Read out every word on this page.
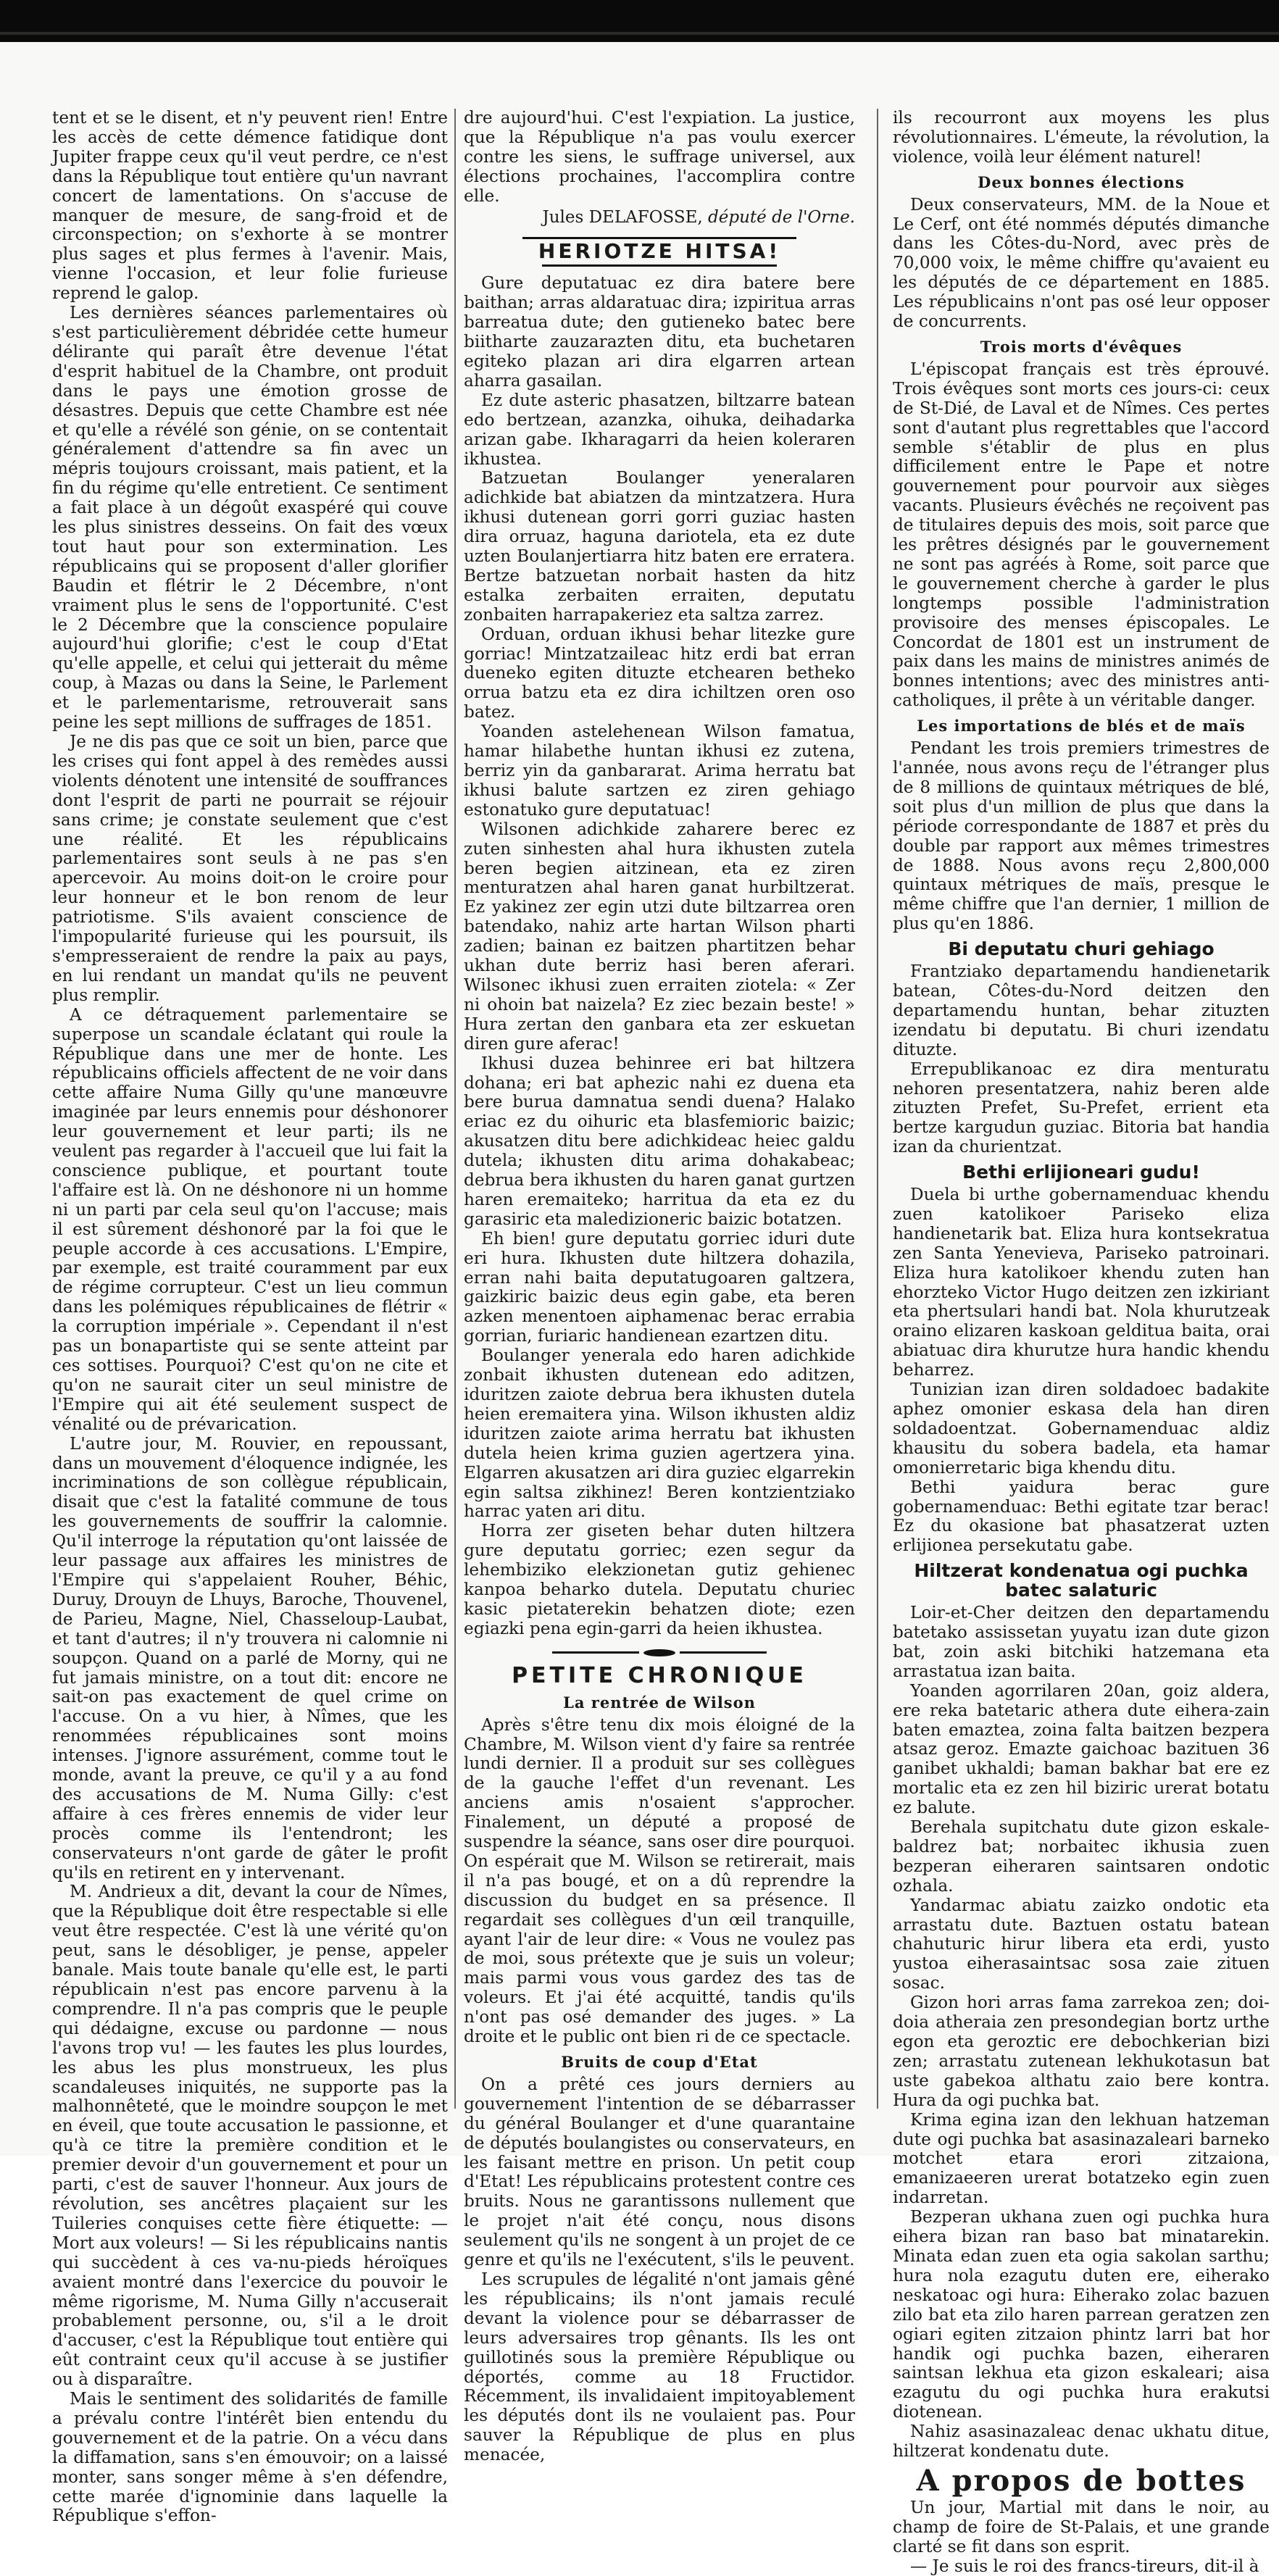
tent et se le disent, et n'y peuvent rien! Entre les accès de cette démence fatidique dont Jupiter frappe ceux qu'il veut perdre, ce n'est dans la République tout entière qu'un navrant concert de lamentations. On s'accuse de manquer de mesure, de sang-froid et de circonspection; on s'exhorte à se montrer plus sages et plus fermes à l'avenir. Mais, vienne l'occasion, et leur folie furieuse reprend le galop.

Les dernières séances parlementaires où s'est particulièrement débridée cette humeur délirante qui paraît être devenue l'état d'esprit habituel de la Chambre, ont produit dans le pays une émotion grosse de désastres. Depuis que cette Chambre est née et qu'elle a révélé son génie, on se contentait généralement d'attendre sa fin avec un mépris toujours croissant, mais patient, et la fin du régime qu'elle entretient. Ce sentiment a fait place à un dégoût exaspéré qui couve les plus sinistres desseins. On fait des vœux tout haut pour son extermination. Les républicains qui se proposent d'aller glorifier Baudin et flétrir le 2 Décembre, n'ont vraiment plus le sens de l'opportunité. C'est le 2 Décembre que la conscience populaire aujourd'hui glorifie; c'est le coup d'Etat qu'elle appelle, et celui qui jetterait du même coup, à Mazas ou dans la Seine, le Parlement et le parlementarisme, retrouverait sans peine les sept millions de suffrages de 1851.

Je ne dis pas que ce soit un bien, parce que les crises qui font appel à des remèdes aussi violents dénotent une intensité de souffrances dont l'esprit de parti ne pourrait se réjouir sans crime; je constate seulement que c'est une réalité. Et les républicains parlementaires sont seuls à ne pas s'en apercevoir. Au moins doit-on le croire pour leur honneur et le bon renom de leur patriotisme. S'ils avaient conscience de l'impopularité furieuse qui les poursuit, ils s'empresseraient de rendre la paix au pays, en lui rendant un mandat qu'ils ne peuvent plus remplir.

A ce détraquement parlementaire se superpose un scandale éclatant qui roule la République dans une mer de honte. Les républicains officiels affectent de ne voir dans cette affaire Numa Gilly qu'une manœuvre imaginée par leurs ennemis pour déshonorer leur gouvernement et leur parti; ils ne veulent pas regarder à l'accueil que lui fait la conscience publique, et pourtant toute l'affaire est là. On ne déshonore ni un homme ni un parti par cela seul qu'on l'accuse; mais il est sûrement déshonoré par la foi que le peuple accorde à ces accusations. L'Empire, par exemple, est traité couramment par eux de régime corrupteur. C'est un lieu commun dans les polémiques républicaines de flétrir « la corruption impériale ». Cependant il n'est pas un bonapartiste qui se sente atteint par ces sottises. Pourquoi? C'est qu'on ne cite et qu'on ne saurait citer un seul ministre de l'Empire qui ait été seulement suspect de vénalité ou de prévarication.

L'autre jour, M. Rouvier, en repoussant, dans un mouvement d'éloquence indignée, les incriminations de son collègue républicain, disait que c'est la fatalité commune de tous les gouvernements de souffrir la calomnie. Qu'il interroge la réputation qu'ont laissée de leur passage aux affaires les ministres de l'Empire qui s'appelaient Rouher, Béhic, Duruy, Drouyn de Lhuys, Baroche, Thouvenel, de Parieu, Magne, Niel, Chasseloup-Laubat, et tant d'autres; il n'y trouvera ni calomnie ni soupçon. Quand on a parlé de Morny, qui ne fut jamais ministre, on a tout dit: encore ne sait-on pas exactement de quel crime on l'accuse. On a vu hier, à Nîmes, que les renommées républicaines sont moins intenses. J'ignore assurément, comme tout le monde, avant la preuve, ce qu'il y a au fond des accusations de M. Numa Gilly: c'est affaire à ces frères ennemis de vider leur procès comme ils l'entendront; les conservateurs n'ont garde de gâter le profit qu'ils en retirent en y intervenant.

M. Andrieux a dit, devant la cour de Nîmes, que la République doit être respectable si elle veut être respectée. C'est là une vérité qu'on peut, sans le désobliger, je pense, appeler banale. Mais toute banale qu'elle est, le parti républicain n'est pas encore parvenu à la comprendre. Il n'a pas compris que le peuple qui dédaigne, excuse ou pardonne — nous l'avons trop vu! — les fautes les plus lourdes, les abus les plus monstrueux, les plus scandaleuses iniquités, ne supporte pas la malhonnêteté, que le moindre soupçon le met en éveil, que toute accusation le passionne, et qu'à ce titre la première condition et le premier devoir d'un gouvernement et pour un parti, c'est de sauver l'honneur. Aux jours de révolution, ses ancêtres plaçaient sur les Tuileries conquises cette fière étiquette: — Mort aux voleurs! — Si les républicains nantis qui succèdent à ces va-nu-pieds héroïques avaient montré dans l'exercice du pouvoir le même rigorisme, M. Numa Gilly n'accuserait probablement personne, ou, s'il a le droit d'accuser, c'est la République tout entière qui eût contraint ceux qu'il accuse à se justifier ou à disparaître.

Mais le sentiment des solidarités de famille a prévalu contre l'intérêt bien entendu du gouvernement et de la patrie. On a vécu dans la diffamation, sans s'en émouvoir; on a laissé monter, sans songer même à s'en défendre, cette marée d'ignominie dans laquelle la République s'effon-

dre aujourd'hui. C'est l'expiation. La justice, que la République n'a pas voulu exercer contre les siens, le suffrage universel, aux élections prochaines, l'accomplira contre elle.

Jules DELAFOSSE, député de l'Orne.
HERIOTZE HITSA!

Gure deputatuac ez dira batere bere baithan; arras aldaratuac dira; izpiritua arras barreatua dute; den gutieneko batec bere biitharte zauzarazten ditu, eta buchetaren egiteko plazan ari dira elgarren artean aharra gasailan.

Ez dute asteric phasatzen, biltzarre batean edo bertzean, azanzka, oihuka, deihadarka arizan gabe. Ikharagarri da heien koleraren ikhustea.

Batzuetan Boulanger yeneralaren adichkide bat abiatzen da mintzatzera. Hura ikhusi dutenean gorri gorri guziac hasten dira orruaz, haguna dariotela, eta ez dute uzten Boulanjertiarra hitz baten ere erratera. Bertze batzuetan norbait hasten da hitz estalka zerbaiten erraiten, deputatu zonbaiten harrapakeriez eta saltza zarrez.

Orduan, orduan ikhusi behar litezke gure gorriac! Mintzatzaileac hitz erdi bat erran dueneko egiten dituzte etchearen betheko orrua batzu eta ez dira ichiltzen oren oso batez.

Yoanden astelehenean Wilson famatua, hamar hilabethe huntan ikhusi ez zutena, berriz yin da ganbararat. Arima herratu bat ikhusi balute sartzen ez ziren gehiago estonatuko gure deputatuac!

Wilsonen adichkide zaharere berec ez zuten sinhesten ahal hura ikhusten zutela beren begien aitzinean, eta ez ziren menturatzen ahal haren ganat hurbiltzerat. Ez yakinez zer egin utzi dute biltzarrea oren batendako, nahiz arte hartan Wilson pharti zadien; bainan ez baitzen phartitzen behar ukhan dute berriz hasi beren aferari. Wilsonec ikhusi zuen erraiten ziotela: « Zer ni ohoin bat naizela? Ez ziec bezain beste! » Hura zertan den ganbara eta zer eskuetan diren gure aferac!

Ikhusi duzea behinree eri bat hiltzera dohana; eri bat aphezic nahi ez duena eta bere burua damnatua sendi duena? Halako eriac ez du oihuric eta blasfemioric baizic; akusatzen ditu bere adichkideac heiec galdu dutela; ikhusten ditu arima dohakabeac; debrua bera ikhusten du haren ganat gurtzen haren eremaiteko; harritua da eta ez du garasiric eta maledizioneric baizic botatzen.

Eh bien! gure deputatu gorriec iduri dute eri hura. Ikhusten dute hiltzera dohazila, erran nahi baita deputatugoaren galtzera, gaizkiric baizic deus egin gabe, eta beren azken menentoen aiphamenac berac errabia gorrian, furiaric handienean ezartzen ditu.

Boulanger yenerala edo haren adichkide zonbait ikhusten dutenean edo aditzen, iduritzen zaiote debrua bera ikhusten dutela heien eremaitera yina. Wilson ikhusten aldiz iduritzen zaiote arima herratu bat ikhusten dutela heien krima guzien agertzera yina. Elgarren akusatzen ari dira guziec elgarrekin egin saltsa zikhinez! Beren kontzientziako harrac yaten ari ditu.

Horra zer giseten behar duten hiltzera gure deputatu gorriec; ezen segur da lehembiziko elekzionetan gutiz gehienec kanpoa beharko dutela. Deputatu churiec kasic pietaterekin behatzen diote; ezen egiazki pena egin-garri da heien ikhustea.

PETITE CHRONIQUE
La rentrée de Wilson

Après s'être tenu dix mois éloigné de la Chambre, M. Wilson vient d'y faire sa rentrée lundi dernier. Il a produit sur ses collègues de la gauche l'effet d'un revenant. Les anciens amis n'osaient s'approcher. Finalement, un député a proposé de suspendre la séance, sans oser dire pourquoi. On espérait que M. Wilson se retirerait, mais il n'a pas bougé, et on a dû reprendre la discussion du budget en sa présence. Il regardait ses collègues d'un œil tranquille, ayant l'air de leur dire: « Vous ne voulez pas de moi, sous prétexte que je suis un voleur; mais parmi vous vous gardez des tas de voleurs. Et j'ai été acquitté, tandis qu'ils n'ont pas osé demander des juges. » La droite et le public ont bien ri de ce spectacle.

Bruits de coup d'Etat

On a prêté ces jours derniers au gouvernement l'intention de se débarrasser du général Boulanger et d'une quarantaine de députés boulangistes ou conservateurs, en les faisant mettre en prison. Un petit coup d'Etat! Les républicains protestent contre ces bruits. Nous ne garantissons nullement que le projet n'ait été conçu, nous disons seulement qu'ils ne songent à un projet de ce genre et qu'ils ne l'exécutent, s'ils le peuvent.

Les scrupules de légalité n'ont jamais gêné les républicains; ils n'ont jamais reculé devant la violence pour se débarrasser de leurs adversaires trop gênants. Ils les ont guillotinés sous la première République ou déportés, comme au 18 Fructidor. Récemment, ils invalidaient impitoyablement les députés dont ils ne voulaient pas. Pour sauver la République de plus en plus menacée,

ils recourront aux moyens les plus révolutionnaires. L'émeute, la révolution, la violence, voilà leur élément naturel!

Deux bonnes élections

Deux conservateurs, MM. de la Noue et Le Cerf, ont été nommés députés dimanche dans les Côtes-du-Nord, avec près de 70,000 voix, le même chiffre qu'avaient eu les députés de ce département en 1885. Les républicains n'ont pas osé leur opposer de concurrents.

Trois morts d'évêques

L'épiscopat français est très éprouvé. Trois évêques sont morts ces jours-ci: ceux de St-Dié, de Laval et de Nîmes. Ces pertes sont d'autant plus regrettables que l'accord semble s'établir de plus en plus difficilement entre le Pape et notre gouvernement pour pourvoir aux sièges vacants. Plusieurs évêchés ne reçoivent pas de titulaires depuis des mois, soit parce que les prêtres désignés par le gouvernement ne sont pas agréés à Rome, soit parce que le gouvernement cherche à garder le plus longtemps possible l'administration provisoire des menses épiscopales. Le Concordat de 1801 est un instrument de paix dans les mains de ministres animés de bonnes intentions; avec des ministres anti-catholiques, il prête à un véritable danger.

Les importations de blés et de maïs

Pendant les trois premiers trimestres de l'année, nous avons reçu de l'étranger plus de 8 millions de quintaux métriques de blé, soit plus d'un million de plus que dans la période correspondante de 1887 et près du double par rapport aux mêmes trimestres de 1888. Nous avons reçu 2,800,000 quintaux métriques de maïs, presque le même chiffre que l'an dernier, 1 million de plus qu'en 1886.

Bi deputatu churi gehiago

Frantziako departamendu handienetarik batean, Côtes-du-Nord deitzen den departamendu huntan, behar zituzten izendatu bi deputatu. Bi churi izendatu dituzte.

Errepublikanoac ez dira menturatu nehoren presentatzera, nahiz beren alde zituzten Prefet, Su-Prefet, errient eta bertze kargudun guziac. Bitoria bat handia izan da churientzat.

Bethi erlijioneari gudu!

Duela bi urthe gobernamenduac khendu zuen katolikoer Pariseko eliza handienetarik bat. Eliza hura kontsekratua zen Santa Yenevieva, Pariseko patroinari. Eliza hura katolikoer khendu zuten han ehorzteko Victor Hugo deitzen zen izkiriant eta phertsulari handi bat. Nola khurutzeak oraino elizaren kaskoan gelditua baita, orai abiatuac dira khurutze hura handic khendu beharrez.

Tunizian izan diren soldadoec badakite aphez omonier eskasa dela han diren soldadoentzat. Gobernamenduac aldiz khausitu du sobera badela, eta hamar omonierretaric biga khendu ditu.

Bethi yaidura berac gure gobernamenduac: Bethi egitate tzar berac! Ez du okasione bat phasatzerat uzten erlijionea persekutatu gabe.

Hiltzerat kondenatua ogi puchka batec salaturic

Loir-et-Cher deitzen den departamendu batetako assissetan yuyatu izan dute gizon bat, zoin aski bitchiki hatzemana eta arrastatua izan baita.

Yoanden agorrilaren 20an, goiz aldera, ere reka batetaric athera dute eihera-zain baten emaztea, zoina falta baitzen bezpera atsaz geroz. Emazte gaichoac bazituen 36 ganibet ukhaldi; baman bakhar bat ere ez mortalic eta ez zen hil biziric urerat botatu ez balute.

Berehala supitchatu dute gizon eskale-baldrez bat; norbaitec ikhusia zuen bezperan eiheraren saintsaren ondotic ozhala.

Yandarmac abiatu zaizko ondotic eta arrastatu dute. Baztuen ostatu batean chahuturic hirur libera eta erdi, yusto yustoa eiherasaintsac sosa zaie zituen sosac.

Gizon hori arras fama zarrekoa zen; doi-doia atheraia zen presondegian bortz urthe egon eta geroztic ere debochkerian bizi zen; arrastatu zutenean lekhukotasun bat uste gabekoa althatu zaio bere kontra. Hura da ogi puchka bat.

Krima egina izan den lekhuan hatzeman dute ogi puchka bat asasinazaleari barneko motchet etara erori zitzaiona, emanizaeeren urerat botatzeko egin zuen indarretan.

Bezperan ukhana zuen ogi puchka hura eihera bizan ran baso bat minatarekin. Minata edan zuen eta ogia sakolan sarthu; hura nola ezagutu duten ere, eiherako neskatoac ogi hura: Eiherako zolac bazuen zilo bat eta zilo haren parrean geratzen zen ogiari egiten zitzaion phintz larri bat hor handik ogi puchka bazen, eiheraren saintsan lekhua eta gizon eskaleari; aisa ezagutu du ogi puchka hura erakutsi diotenean.

Nahiz asasinazaleac denac ukhatu ditue, hiltzerat kondenatu dute.

A propos de bottes

Un jour, Martial mit dans le noir, au champ de foire de St-Palais, et une grande clarté se fit dans son esprit.

— Je suis le roi des francs-tireurs, dit-il à
